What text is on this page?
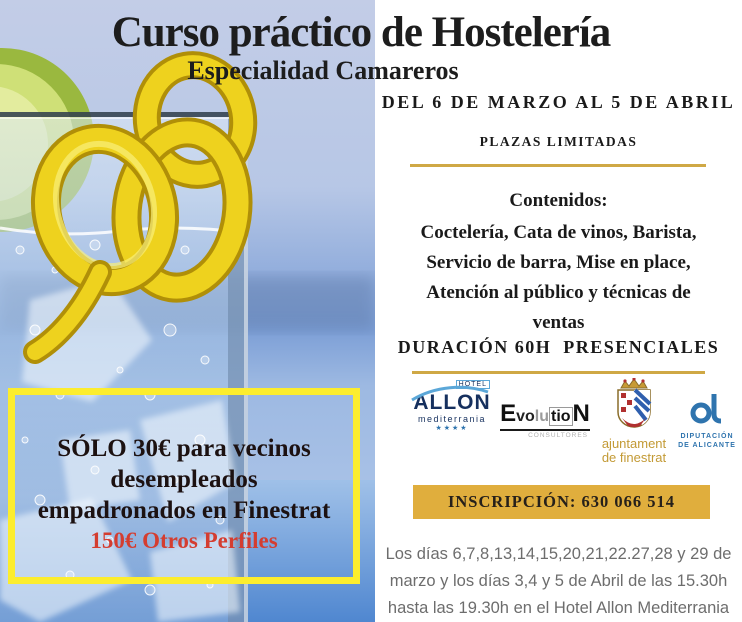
Curso práctico de Hostelería
Especialidad Camareros
DEL 6 DE MARZO AL 5 DE ABRIL
PLAZAS LIMITADAS
Contenidos:
Coctelería, Cata de vinos, Barista,
Servicio de barra, Mise en place,
Atención al público y técnicas de
ventas
DURACIÓN 60H  PRESENCIALES
HOTEL
ALLON
mediterrania
★★★★
Evolu tioN
CONSULTORES
ajuntament
de finestrat
DIPUTACIÓN
DE ALICANTE
INSCRIPCIÓN: 630 066 514
Los días 6,7,8,13,14,15,20,21,22.27,28 y 29 de
marzo y los días 3,4 y 5 de Abril de las 15.30h
hasta las 19.30h en el Hotel Allon Mediterrania
SÓLO 30€ para vecinos
desempleados
empadronados en Finestrat
150€ Otros Perfiles
